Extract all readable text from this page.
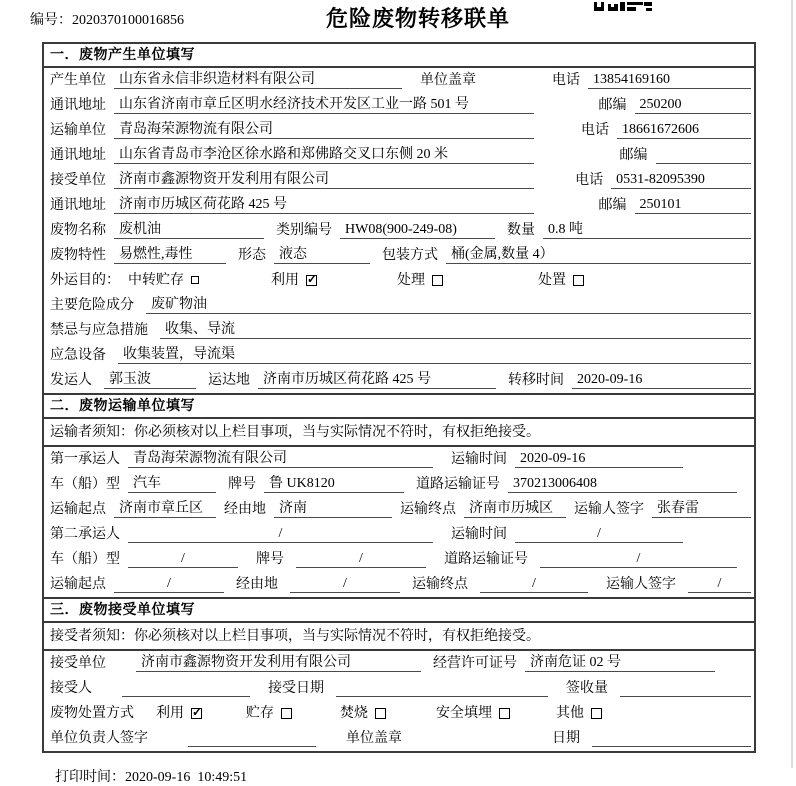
编号：2020370100016856	危险废物转移联单
一．废物产生单位填写
产生单位 山东省永信非织造材料有限公司	单位盖章	电话 13854169160
通讯地址 山东省济南市章丘区明水经济技术开发区工业一路 501 号	邮编 250200
运输单位 青岛海荣源物流有限公司	电话 18661672606
通讯地址 山东省青岛市李沧区徐水路和郑佛路交叉口东侧 20 米	邮编
接受单位 济南市鑫源物资开发利用有限公司	电话 0531-82095390
通讯地址 济南市历城区荷花路 425 号	邮编 250101
废物名称 废机油	类别编号 HW08(900-249-08)	数量 0.8 吨
废物特性 易燃性,毒性	形态 液态	包装方式 桶(金属,数量 4）
外运目的： 中转贮存	利用 ✓	处理	处置
主要危险成分	废矿物油
禁忌与应急措施	收集、导流
应急设备	收集装置，导流渠
发运人	郭玉波	运达地 济南市历城区荷花路 425 号	转移时间 2020-09-16
二．废物运输单位填写
运输者须知：你必须核对以上栏目事项，当与实际情况不符时，有权拒绝接受。
第一承运人 青岛海荣源物流有限公司	运输时间 2020-09-16
车（船）型 汽车	牌号 鲁 UK8120	道路运输证号 370213006408
运输起点 济南市章丘区	经由地 济南	运输终点 济南市历城区	运输人签字 张春雷
第二承运人	/	运输时间	/
车（船）型	/	牌号	/	道路运输证号	/
运输起点	/	经由地	/	运输终点	/	运输人签字	/
三．废物接受单位填写
接受者须知：你必须核对以上栏目事项，当与实际情况不符时，有权拒绝接受。
接受单位	济南市鑫源物资开发利用有限公司	经营许可证号 济南危证 02 号
接受人	接受日期	签收量
废物处置方式 利用 ✓	贮存	焚烧	安全填埋	其他
单位负责人签字	单位盖章	日期

打印时间：2020-09-16  10:49:51
